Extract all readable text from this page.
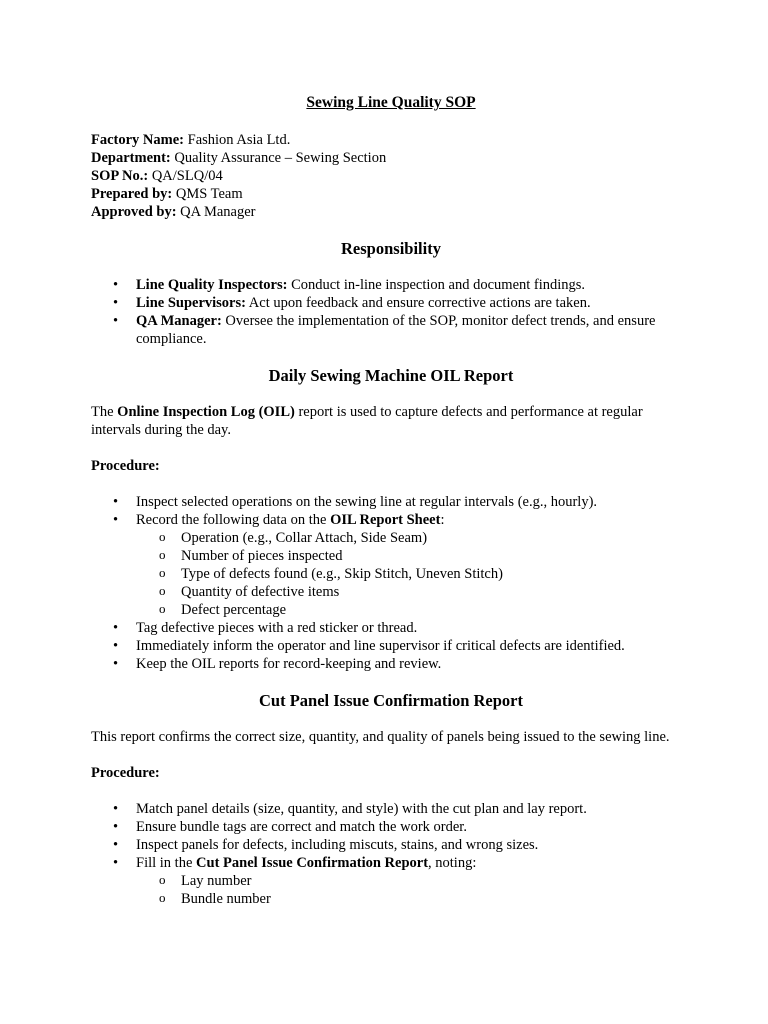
Sewing Line Quality SOP
Factory Name: Fashion Asia Ltd.
Department: Quality Assurance – Sewing Section
SOP No.: QA/SLQ/04
Prepared by: QMS Team
Approved by: QA Manager
Responsibility
• Line Quality Inspectors: Conduct in-line inspection and document findings.
• Line Supervisors: Act upon feedback and ensure corrective actions are taken.
• QA Manager: Oversee the implementation of the SOP, monitor defect trends, and ensure compliance.
Daily Sewing Machine OIL Report

The Online Inspection Log (OIL) report is used to capture defects and performance at regular intervals during the day.

Procedure:

• Inspect selected operations on the sewing line at regular intervals (e.g., hourly).
• Record the following data on the OIL Report Sheet:
o Operation (e.g., Collar Attach, Side Seam)
o Number of pieces inspected
o Type of defects found (e.g., Skip Stitch, Uneven Stitch)
o Quantity of defective items
o Defect percentage
• Tag defective pieces with a red sticker or thread.
• Immediately inform the operator and line supervisor if critical defects are identified.
• Keep the OIL reports for record-keeping and review.
Cut Panel Issue Confirmation Report

This report confirms the correct size, quantity, and quality of panels being issued to the sewing line.

Procedure:

• Match panel details (size, quantity, and style) with the cut plan and lay report.
• Ensure bundle tags are correct and match the work order.
• Inspect panels for defects, including miscuts, stains, and wrong sizes.
• Fill in the Cut Panel Issue Confirmation Report, noting:
o Lay number
o Bundle number
